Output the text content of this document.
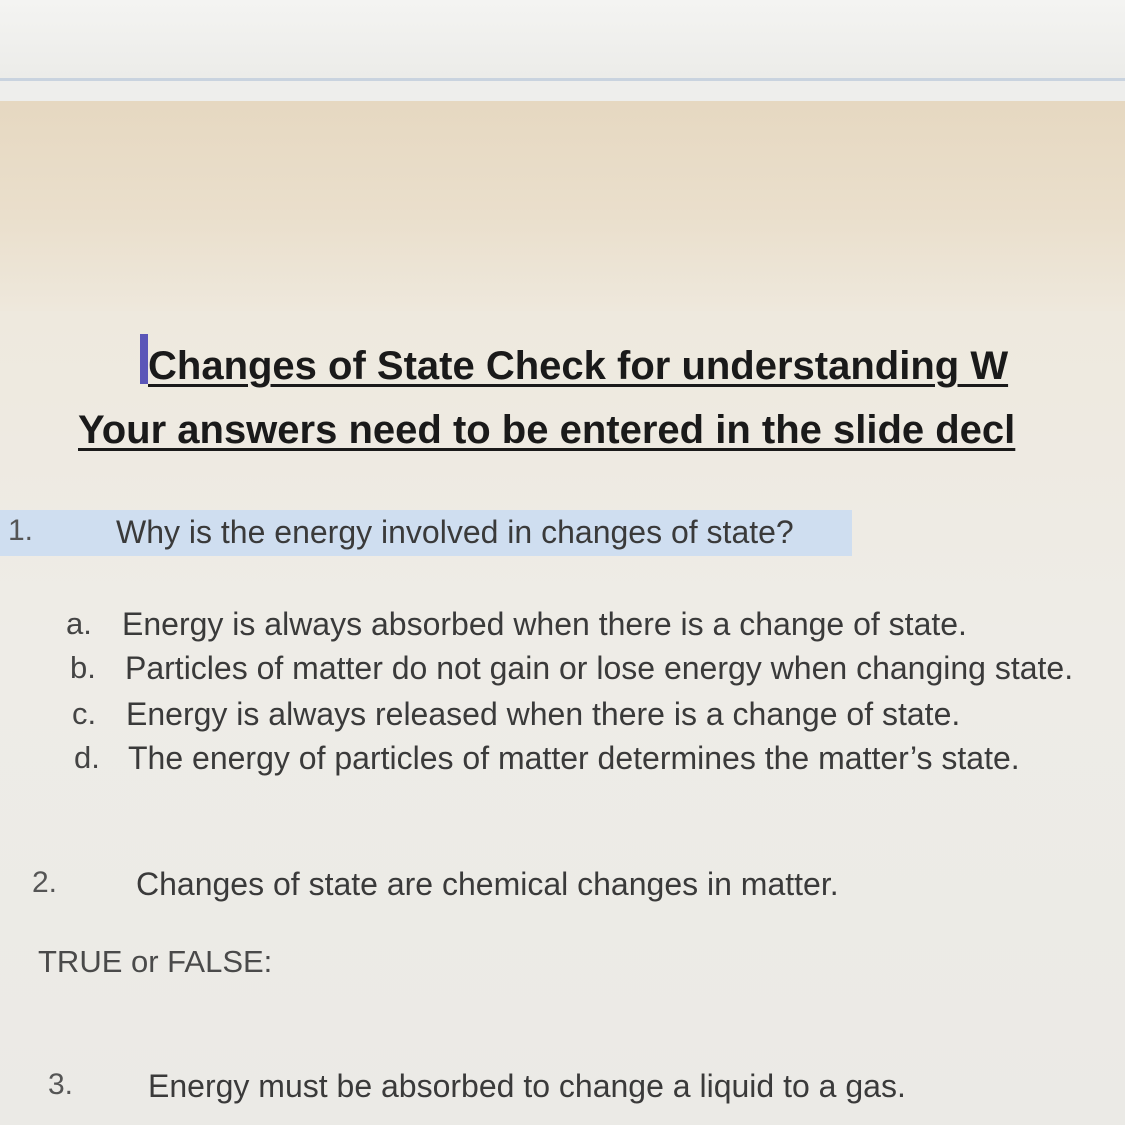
Changes of State Check for understanding W
Your answers need to be entered in the slide decl
1.	Why is the energy involved in changes of state?
a. Energy is always absorbed when there is a change of state.
b. Particles of matter do not gain or lose energy when changing state.
c. Energy is always released when there is a change of state.
d. The energy of particles of matter determines the matter’s state.
2. Changes of state are chemical changes in matter.
TRUE or FALSE:
3. Energy must be absorbed to change a liquid to a gas.
